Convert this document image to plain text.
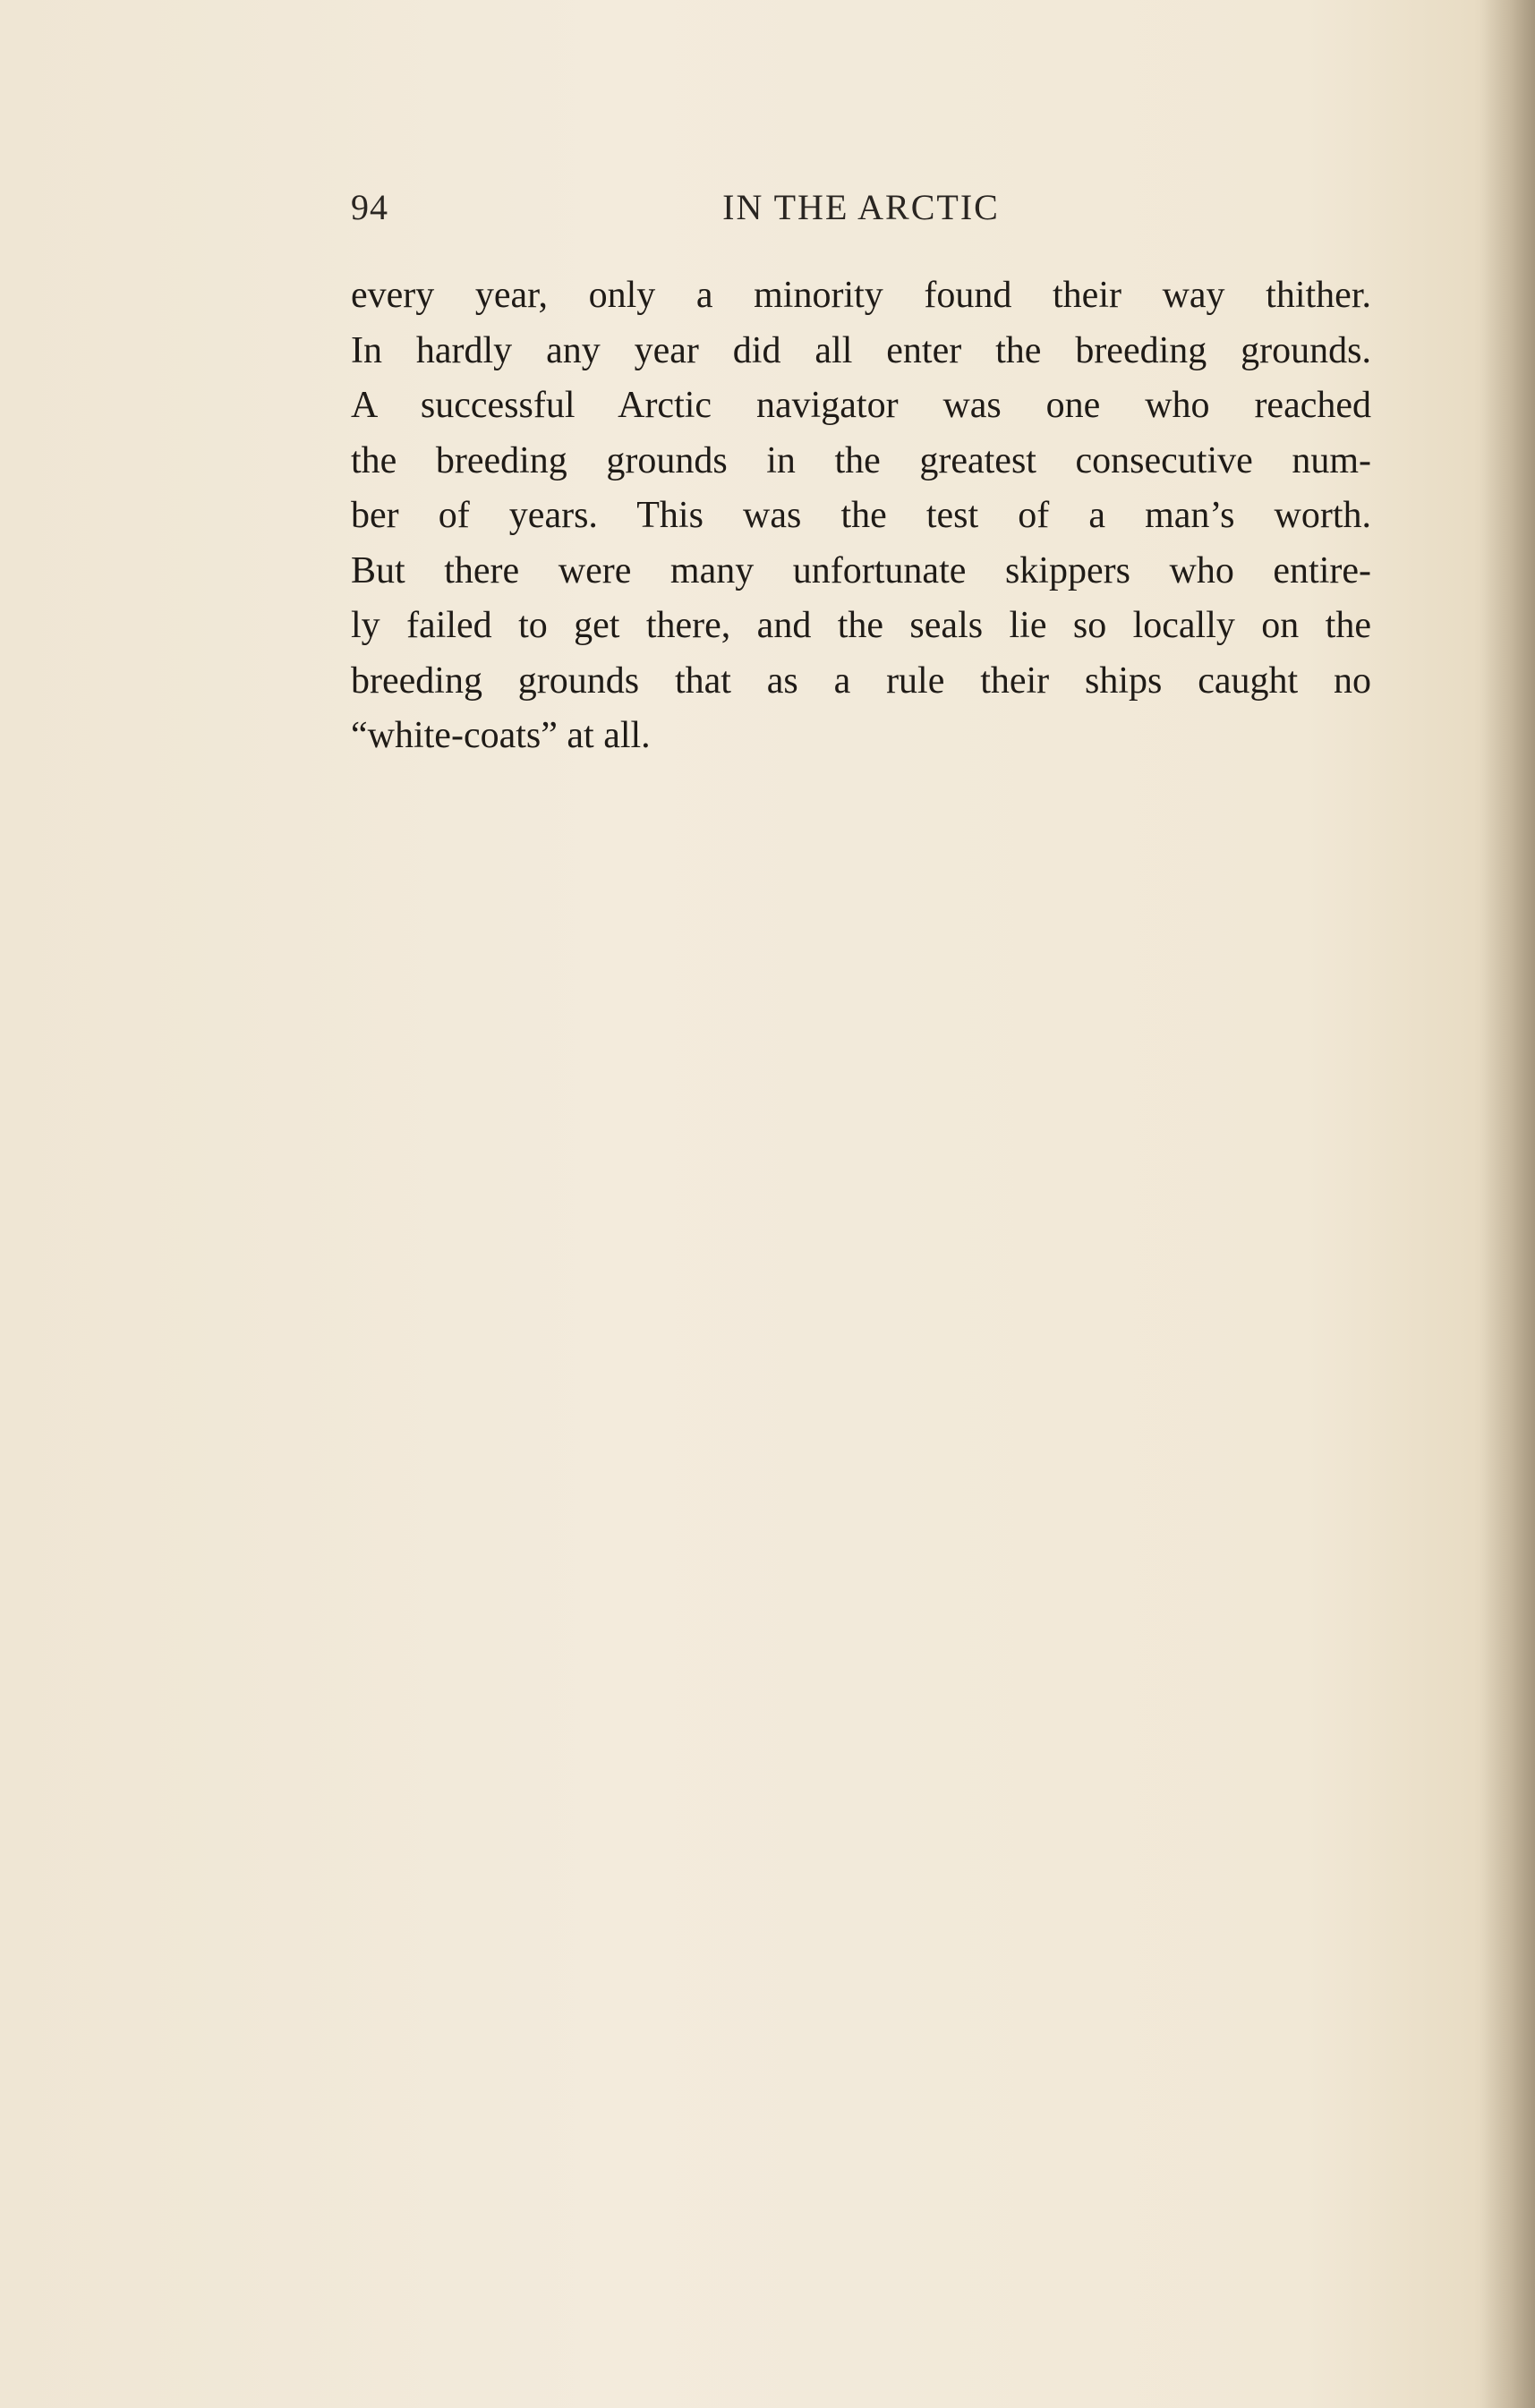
94	IN THE ARCTIC
every year, only a minority found their way thither.
In hardly any year did all enter the breeding grounds.
A successful Arctic navigator was one who reached
the breeding grounds in the greatest consecutive num-
ber of years. This was the test of a man’s worth.
But there were many unfortunate skippers who entire-
ly failed to get there, and the seals lie so locally on the
breeding grounds that as a rule their ships caught no
“white-coats” at all.
